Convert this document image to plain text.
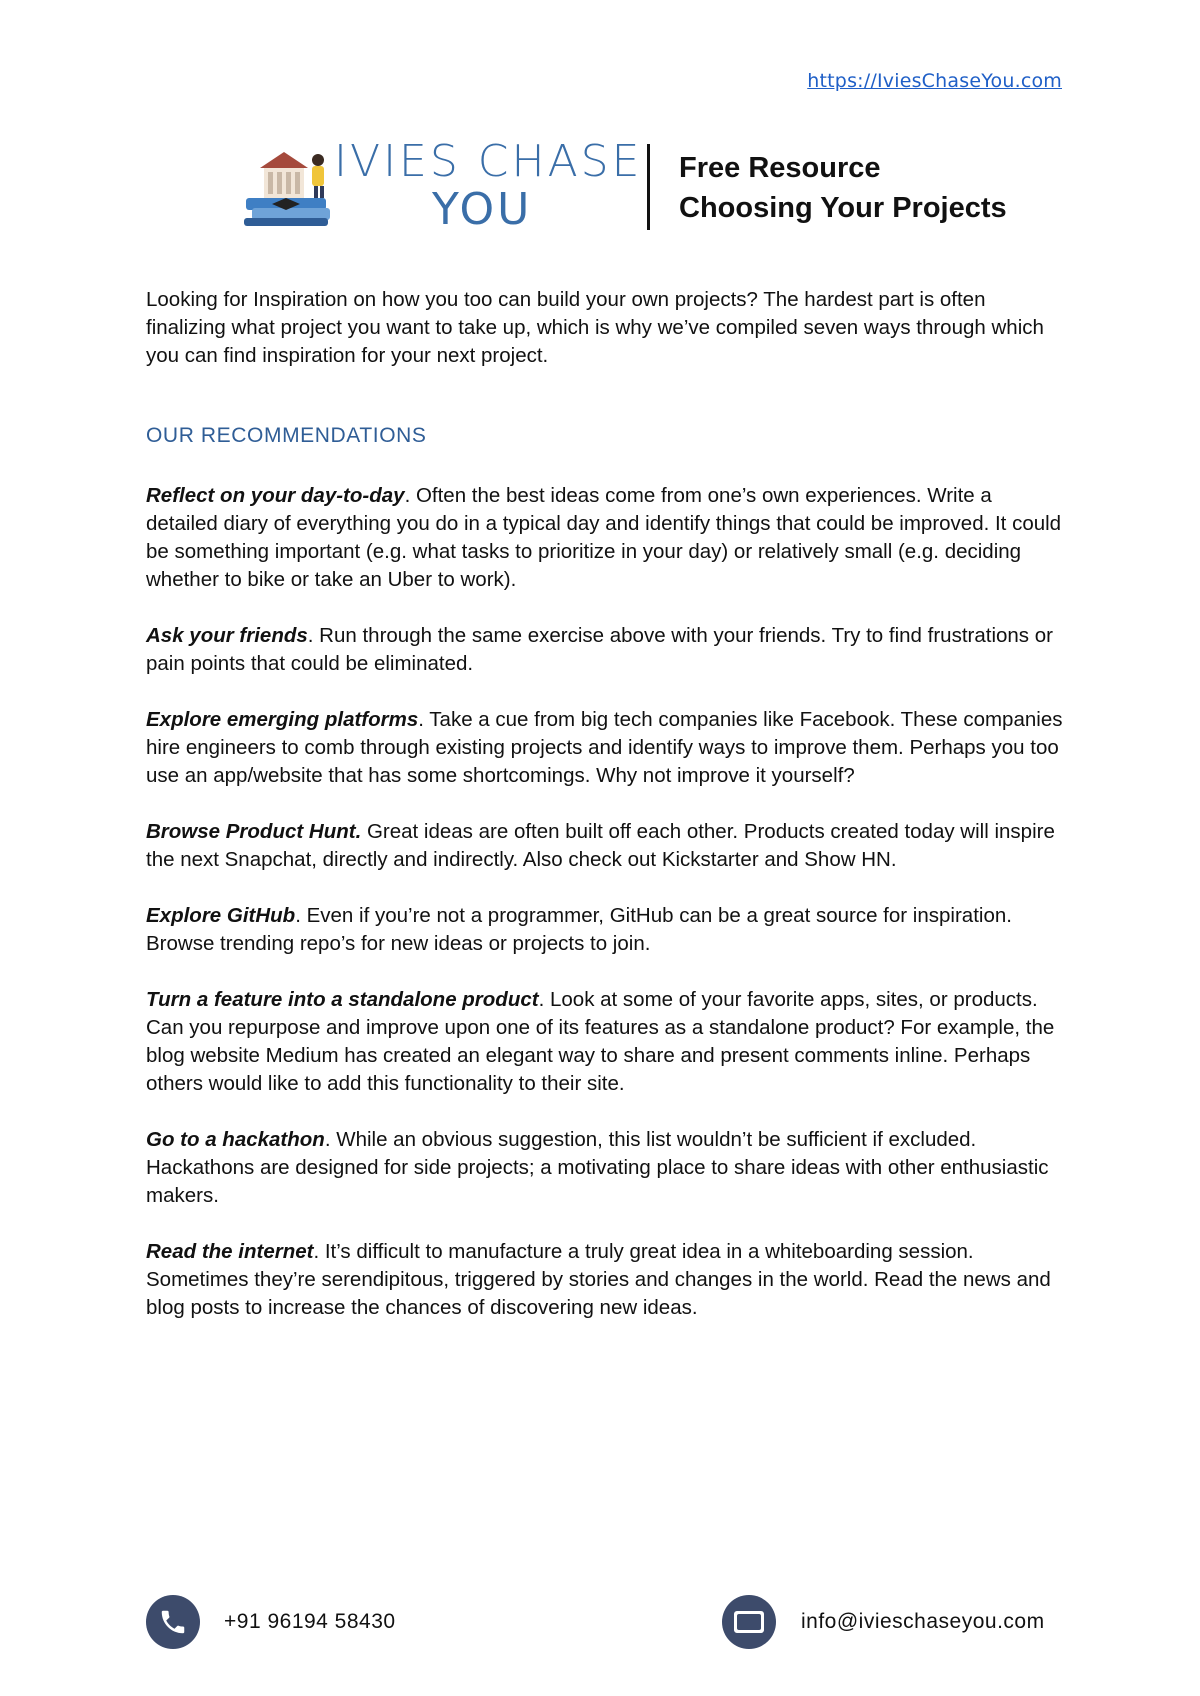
https://IviesChaseYou.com
IVIES CHASE
YOU
Free Resource
Choosing Your Projects

Looking for Inspiration on how you too can build your own projects? The hardest part is often finalizing what project you want to take up, which is why we’ve compiled seven ways through which you can find inspiration for your next project.

OUR RECOMMENDATIONS

Reflect on your day-to-day. Often the best ideas come from one’s own experiences. Write a detailed diary of everything you do in a typical day and identify things that could be improved. It could be something important (e.g. what tasks to prioritize in your day) or relatively small (e.g. deciding whether to bike or take an Uber to work).

Ask your friends. Run through the same exercise above with your friends. Try to find frustrations or pain points that could be eliminated.

Explore emerging platforms. Take a cue from big tech companies like Facebook. These companies hire engineers to comb through existing projects and identify ways to improve them. Perhaps you too use an app/website that has some shortcomings. Why not improve it yourself?

Browse Product Hunt. Great ideas are often built off each other. Products created today will inspire the next Snapchat, directly and indirectly. Also check out Kickstarter and Show HN.

Explore GitHub. Even if you’re not a programmer, GitHub can be a great source for inspiration. Browse trending repo’s for new ideas or projects to join.

Turn a feature into a standalone product. Look at some of your favorite apps, sites, or products. Can you repurpose and improve upon one of its features as a standalone product? For example, the blog website Medium has created an elegant way to share and present comments inline. Perhaps others would like to add this functionality to their site.

Go to a hackathon. While an obvious suggestion, this list wouldn’t be sufficient if excluded. Hackathons are designed for side projects; a motivating place to share ideas with other enthusiastic makers.

Read the internet. It’s difficult to manufacture a truly great idea in a whiteboarding session. Sometimes they’re serendipitous, triggered by stories and changes in the world. Read the news and blog posts to increase the chances of discovering new ideas.

+91 96194 58430	info@ivieschaseyou.com
